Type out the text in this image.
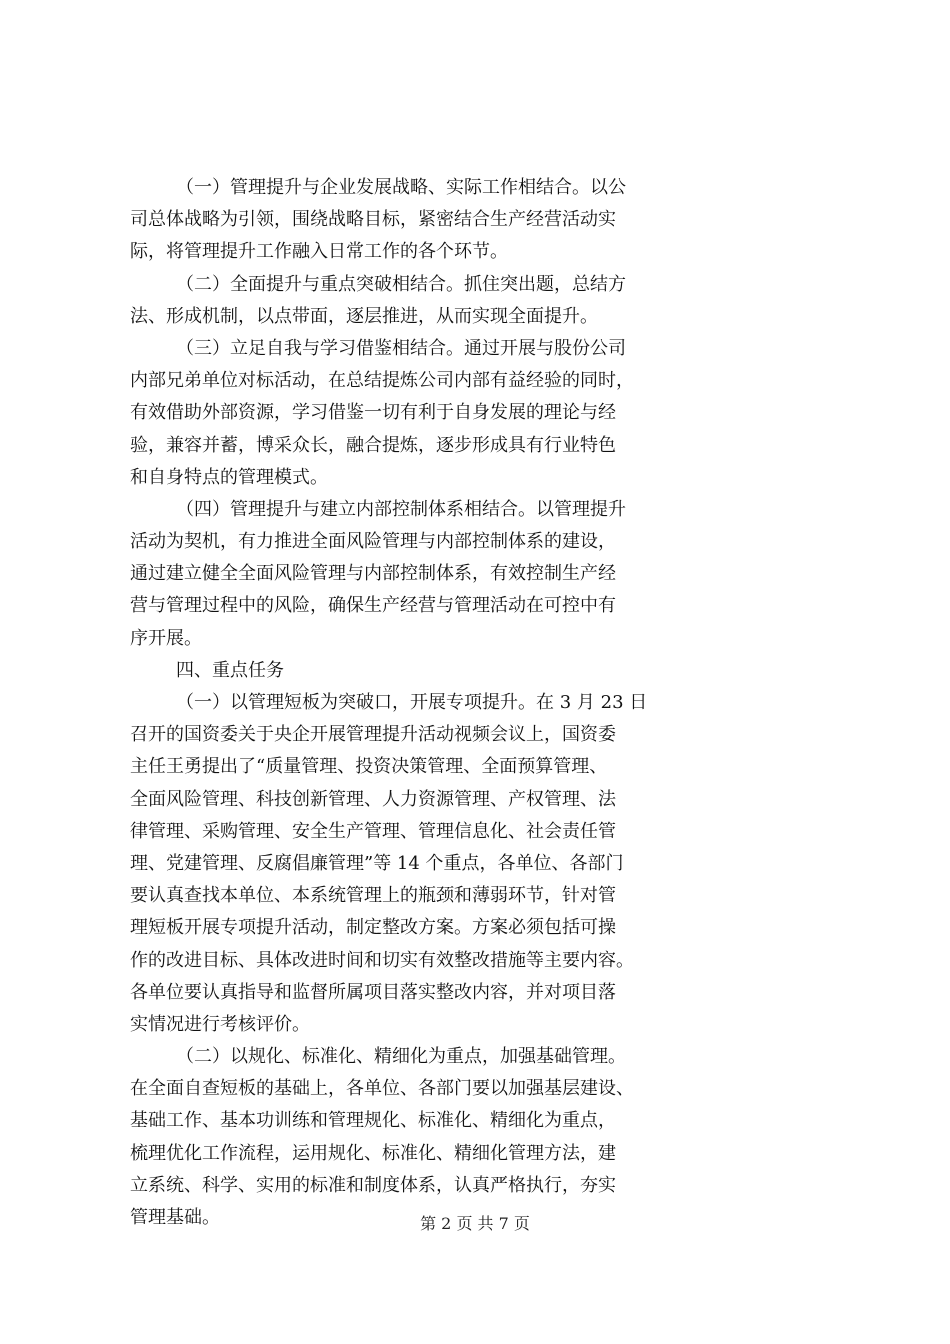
（一）管理提升与企业发展战略、实际工作相结合。以公
司总体战略为引领，围绕战略目标，紧密结合生产经营活动实
际，将管理提升工作融入日常工作的各个环节。
（二）全面提升与重点突破相结合。抓住突出题，总结方
法、形成机制，以点带面，逐层推进，从而实现全面提升。
（三）立足自我与学习借鉴相结合。通过开展与股份公司
内部兄弟单位对标活动，在总结提炼公司内部有益经验的同时，
有效借助外部资源，学习借鉴一切有利于自身发展的理论与经
验，兼容并蓄，博采众长，融合提炼，逐步形成具有行业特色
和自身特点的管理模式。
（四）管理提升与建立内部控制体系相结合。以管理提升
活动为契机，有力推进全面风险管理与内部控制体系的建设，
通过建立健全全面风险管理与内部控制体系，有效控制生产经
营与管理过程中的风险，确保生产经营与管理活动在可控中有
序开展。
四、重点任务
（一）以管理短板为突破口，开展专项提升。在 3 月 23 日
召开的国资委关于央企开展管理提升活动视频会议上，国资委
主任王勇提出了“质量管理、投资决策管理、全面预算管理、
全面风险管理、科技创新管理、人力资源管理、产权管理、法
律管理、采购管理、安全生产管理、管理信息化、社会责任管
理、党建管理、反腐倡廉管理”等 14 个重点，各单位、各部门
要认真查找本单位、本系统管理上的瓶颈和薄弱环节，针对管
理短板开展专项提升活动，制定整改方案。方案必须包括可操
作的改进目标、具体改进时间和切实有效整改措施等主要内容。
各单位要认真指导和监督所属项目落实整改内容，并对项目落
实情况进行考核评价。
（二）以规化、标准化、精细化为重点，加强基础管理。
在全面自查短板的基础上，各单位、各部门要以加强基层建设、
基础工作、基本功训练和管理规化、标准化、精细化为重点，
梳理优化工作流程，运用规化、标准化、精细化管理方法，建
立系统、科学、实用的标准和制度体系，认真严格执行，夯实
管理基础。	第 2 页 共 7 页
